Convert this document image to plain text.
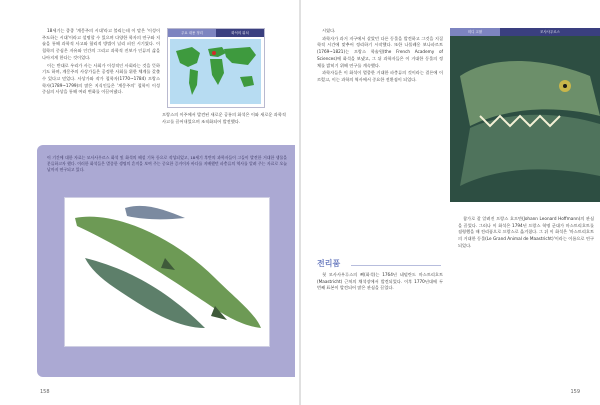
18세기는 종종 '계몽주의 시대'라고 불리는데 이 말은 '이성이 주도하는 시대'이라고 설명할 수 있으며 다양한 학자의 연구와 저술을 통해 과학적 사고와 합리적 방법이 널리 퍼진 시기였다. 이 철학의 중심은 자유와 인간의 그리고 과학적 진보가 인류의 삶을 나아지게 한다는 것이었다.

이는 반대로 우리가 사는 사회가 이성적인 사회라는 것을 뜻하기도 하며, 계몽주의 사상가들은 공정한 사회를 위한 체계를 갖출 수 있다고 믿었다. 사상가와 작가 철학자(1770~1784) 프랑스 학자(1789~1799)의 많은 지식인들은 '계몽주의' 철학이 이성 중심의 사상을 통해 여러 변화를 이끌어냈다.

주요 내용 정리	화석의 위치
프랑스의 이주에서 발견된 새로운 공룡의 화석은 이와 새로운 과학적 사고를 끌어내었으며 조직화되어 발전했다.
이 기간에 대한 자료는 모사사우르스 화석 및 화석의 해설 기록 등으로 작성되었고, 18세기 후반의 과학자들이 그들이 발견한 거대한 생물을 분류하고자 했다. 이러한 화석들은 멸종한 생명의 흔적을 보여 주는 중요한 증거이자 바다를 지배했던 파충류의 역사를 알려 주는 자료로 오늘날까지 연구되고 있다.
158

시였다.

과학자가 과거 지구에서 살았던 다른 동물을 발견하고 그것을 지질학적 시간에 맞추어 정리하기 시작했다. 또한 나폴레옹 보나파르트(1769~1821)는 프랑스 학술원(the French Academy of Sciences)에 화석을 보냈고, 그 뒤 과학자들은 이 거대한 동물의 정체를 밝히기 위해 연구를 계속했다.

과학자들은 이 화석이 멸종한 거대한 파충류의 것이라는 결론에 이르렀고, 이는 과학의 역사에서 중요한 전환점이 되었다.

미디 고찰	모사사우르스
전리품

첫 모사사우루스의 뼈(화석)는 1764년 네덜란드 마스트리흐트(Maastricht) 근처의 채석장에서 발견되었다. 이후 1770년대에 두 번째 표본이 발견되어 많은 관심을 끌었다.

참가로 잘 알려진 프랑스 호프만(Johann Leonard Hoffmann)의 관심을 끌었다. 그러나 이 화석은 1794년 프랑스 혁명 군대가 마스트리흐트를 점령했을 때 전리품으로 프랑스로 옮겨졌다. 그 뒤 이 화석은 '마스트리흐트의 거대한 동물(Le Grand Animal de Maastricht)'이라는 이름으로 연구되었다.

159
